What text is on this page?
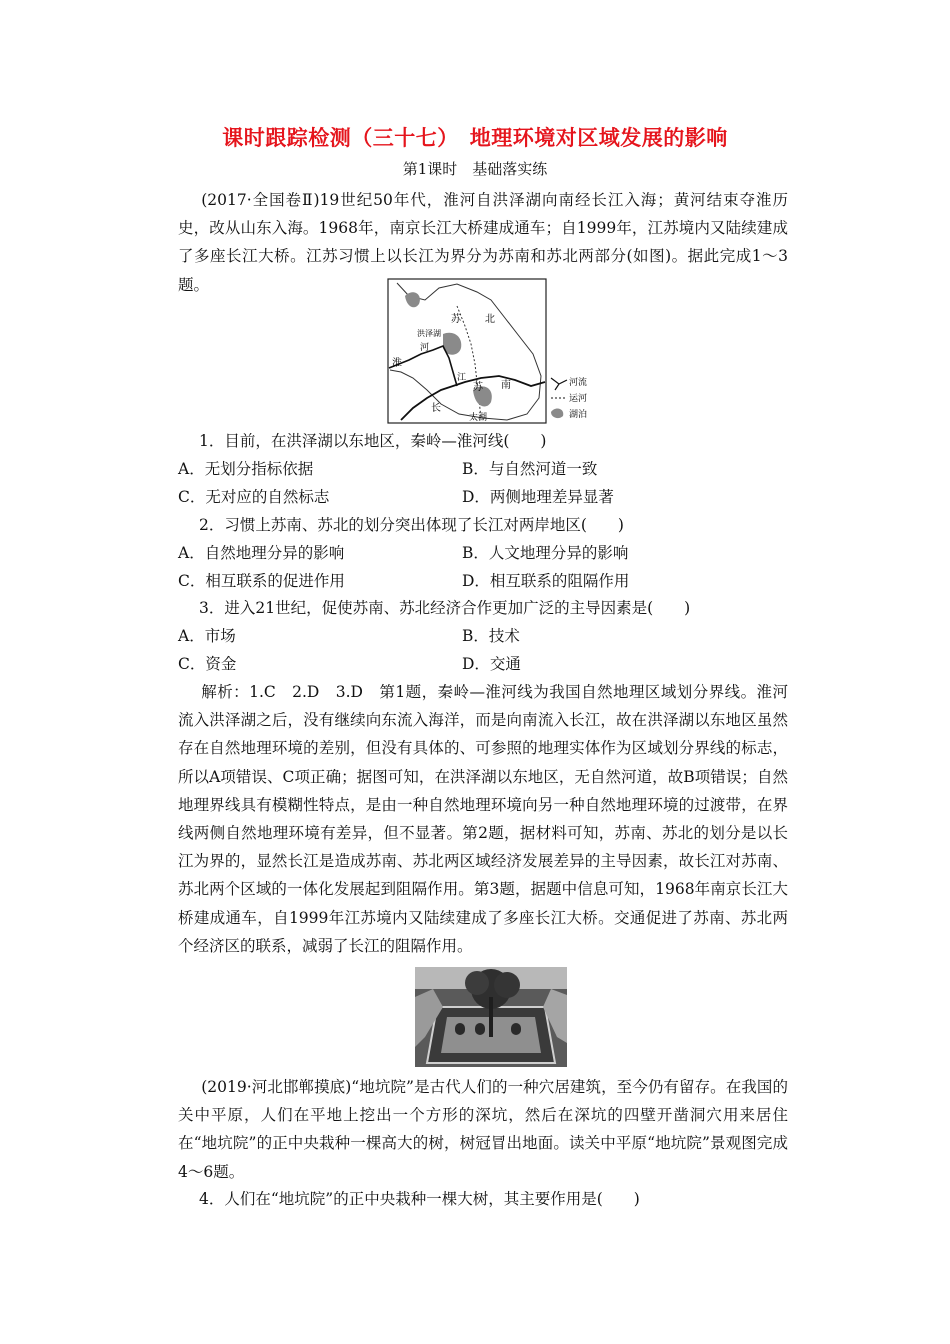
课时跟踪检测（三十七）　地理环境对区域发展的影响
第1课时　基础落实练

(2017·全国卷Ⅱ)19世纪50年代，淮河自洪泽湖向南经长江入海；黄河结束夺淮历史，改从山东入海。1968年，南京长江大桥建成通车；自1999年，江苏境内又陆续建成了多座长江大桥。江苏习惯上以长江为界分为苏南和苏北两部分(如图)。据此完成1～3题。

苏 北
洪泽湖
河
淮
江
苏 南
长
太湖
河流
运河
湖泊
1．目前，在洪泽湖以东地区，秦岭—淮河线(　　)
A．无划分指标依据	B．与自然河道一致
C．无对应的自然标志	D．两侧地理差异显著
2．习惯上苏南、苏北的划分突出体现了长江对两岸地区(　　)
A．自然地理分异的影响	B．人文地理分异的影响
C．相互联系的促进作用	D．相互联系的阻隔作用
3．进入21世纪，促使苏南、苏北经济合作更加广泛的主导因素是(　　)
A．市场	B．技术
C．资金	D．交通

解析：1.C　2.D　3.D　第1题，秦岭—淮河线为我国自然地理区域划分界线。淮河流入洪泽湖之后，没有继续向东流入海洋，而是向南流入长江，故在洪泽湖以东地区虽然存在自然地理环境的差别，但没有具体的、可参照的地理实体作为区域划分界线的标志，所以A项错误、C项正确；据图可知，在洪泽湖以东地区，无自然河道，故B项错误；自然地理界线具有模糊性特点，是由一种自然地理环境向另一种自然地理环境的过渡带，在界线两侧自然地理环境有差异，但不显著。第2题，据材料可知，苏南、苏北的划分是以长江为界的，显然长江是造成苏南、苏北两区域经济发展差异的主导因素，故长江对苏南、苏北两个区域的一体化发展起到阻隔作用。第3题，据题中信息可知，1968年南京长江大桥建成通车，自1999年江苏境内又陆续建成了多座长江大桥。交通促进了苏南、苏北两个经济区的联系，减弱了长江的阻隔作用。

(2019·河北邯郸摸底)“地坑院”是古代人们的一种穴居建筑，至今仍有留存。在我国的关中平原，人们在平地上挖出一个方形的深坑，然后在深坑的四壁开凿洞穴用来居住在“地坑院”的正中央栽种一棵高大的树，树冠冒出地面。读关中平原“地坑院”景观图完成4～6题。

4．人们在“地坑院”的正中央栽种一棵大树，其主要作用是(　　)
